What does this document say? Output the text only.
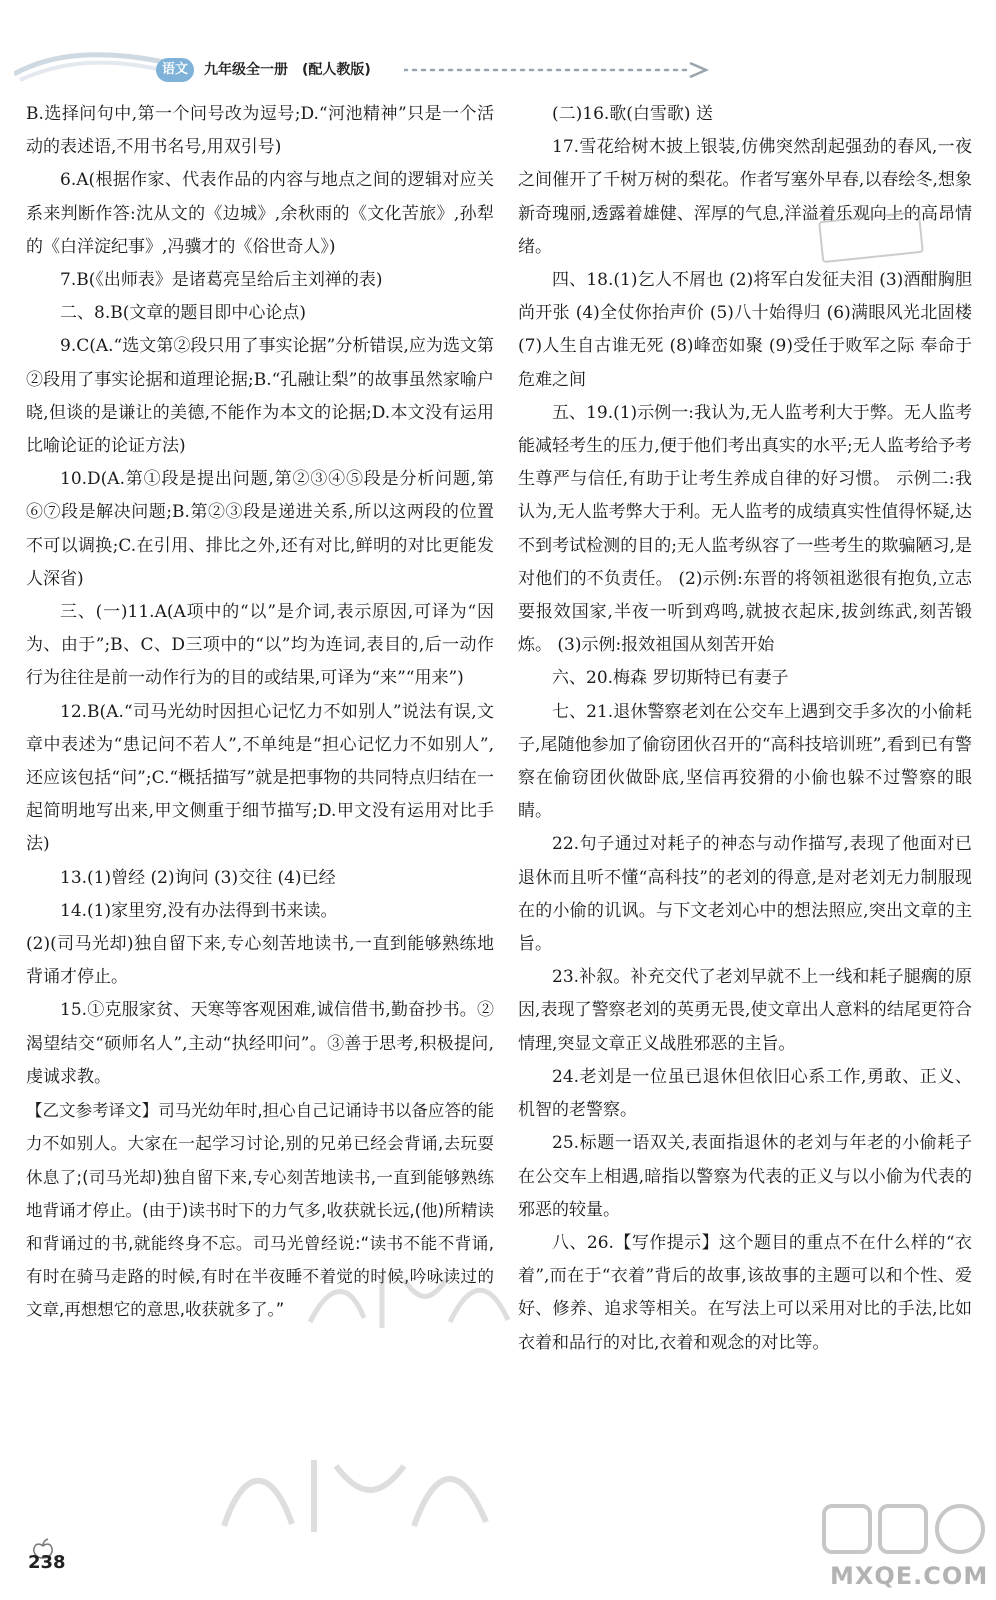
语文	九年级全一册 (配人教版)

B.选择问句中,第一个问号改为逗号;D.“河池精神”只是一个活动的表述语,不用书名号,用双引号)

6.A(根据作家、代表作品的内容与地点之间的逻辑对应关系来判断作答:沈从文的《边城》,余秋雨的《文化苦旅》,孙犁的《白洋淀纪事》,冯骥才的《俗世奇人》)

7.B(《出师表》是诸葛亮呈给后主刘禅的表)

二、8.B(文章的题目即中心论点)

9.C(A.“选文第②段只用了事实论据”分析错误,应为选文第②段用了事实论据和道理论据;B.“孔融让梨”的故事虽然家喻户晓,但谈的是谦让的美德,不能作为本文的论据;D.本文没有运用比喻论证的论证方法)

10.D(A.第①段是提出问题,第②③④⑤段是分析问题,第⑥⑦段是解决问题;B.第②③段是递进关系,所以这两段的位置不可以调换;C.在引用、排比之外,还有对比,鲜明的对比更能发人深省)

三、(一)11.A(A项中的“以”是介词,表示原因,可译为“因为、由于”;B、C、D三项中的“以”均为连词,表目的,后一动作行为往往是前一动作行为的目的或结果,可译为“来”“用来”)

12.B(A.“司马光幼时因担心记忆力不如别人”说法有误,文章中表述为“患记问不若人”,不单纯是“担心记忆力不如别人”,还应该包括“问”;C.“概括描写”就是把事物的共同特点归结在一起简明地写出来,甲文侧重于细节描写;D.甲文没有运用对比手法)

13.(1)曾经 (2)询问 (3)交往 (4)已经

14.(1)家里穷,没有办法得到书来读。

(2)(司马光却)独自留下来,专心刻苦地读书,一直到能够熟练地背诵才停止。

15.①克服家贫、天寒等客观困难,诚信借书,勤奋抄书。②渴望结交“硕师名人”,主动“执经叩问”。③善于思考,积极提问,虔诚求教。

【乙文参考译文】司马光幼年时,担心自己记诵诗书以备应答的能力不如别人。大家在一起学习讨论,别的兄弟已经会背诵,去玩耍休息了;(司马光却)独自留下来,专心刻苦地读书,一直到能够熟练地背诵才停止。(由于)读书时下的力气多,收获就长远,(他)所精读和背诵过的书,就能终身不忘。司马光曾经说:“读书不能不背诵,有时在骑马走路的时候,有时在半夜睡不着觉的时候,吟咏读过的文章,再想想它的意思,收获就多了。”

(二)16.歌(白雪歌) 送

17.雪花给树木披上银装,仿佛突然刮起强劲的春风,一夜之间催开了千树万树的梨花。作者写塞外早春,以春绘冬,想象新奇瑰丽,透露着雄健、浑厚的气息,洋溢着乐观向上的高昂情绪。

四、18.(1)乞人不屑也 (2)将军白发征夫泪 (3)酒酣胸胆尚开张 (4)全仗你抬声价 (5)八十始得归 (6)满眼风光北固楼 (7)人生自古谁无死 (8)峰峦如聚 (9)受任于败军之际 奉命于危难之间

五、19.(1)示例一:我认为,无人监考利大于弊。无人监考能减轻考生的压力,便于他们考出真实的水平;无人监考给予考生尊严与信任,有助于让考生养成自律的好习惯。 示例二:我认为,无人监考弊大于利。无人监考的成绩真实性值得怀疑,达不到考试检测的目的;无人监考纵容了一些考生的欺骗陋习,是对他们的不负责任。 (2)示例:东晋的将领祖逖很有抱负,立志要报效国家,半夜一听到鸡鸣,就披衣起床,拔剑练武,刻苦锻炼。 (3)示例:报效祖国从刻苦开始

六、20.梅森 罗切斯特已有妻子

七、21.退休警察老刘在公交车上遇到交手多次的小偷耗子,尾随他参加了偷窃团伙召开的“高科技培训班”,看到已有警察在偷窃团伙做卧底,坚信再狡猾的小偷也躲不过警察的眼睛。

22.句子通过对耗子的神态与动作描写,表现了他面对已退休而且听不懂“高科技”的老刘的得意,是对老刘无力制服现在的小偷的讥讽。与下文老刘心中的想法照应,突出文章的主旨。

23.补叙。补充交代了老刘早就不上一线和耗子腿瘸的原因,表现了警察老刘的英勇无畏,使文章出人意料的结尾更符合情理,突显文章正义战胜邪恶的主旨。

24.老刘是一位虽已退休但依旧心系工作,勇敢、正义、机智的老警察。

25.标题一语双关,表面指退休的老刘与年老的小偷耗子在公交车上相遇,暗指以警察为代表的正义与以小偷为代表的邪恶的较量。

八、26.【写作提示】这个题目的重点不在什么样的“衣着”,而在于“衣着”背后的故事,该故事的主题可以和个性、爱好、修养、追求等相关。在写法上可以采用对比的手法,比如衣着和品行的对比,衣着和观念的对比等。

238	MXQE.COM
